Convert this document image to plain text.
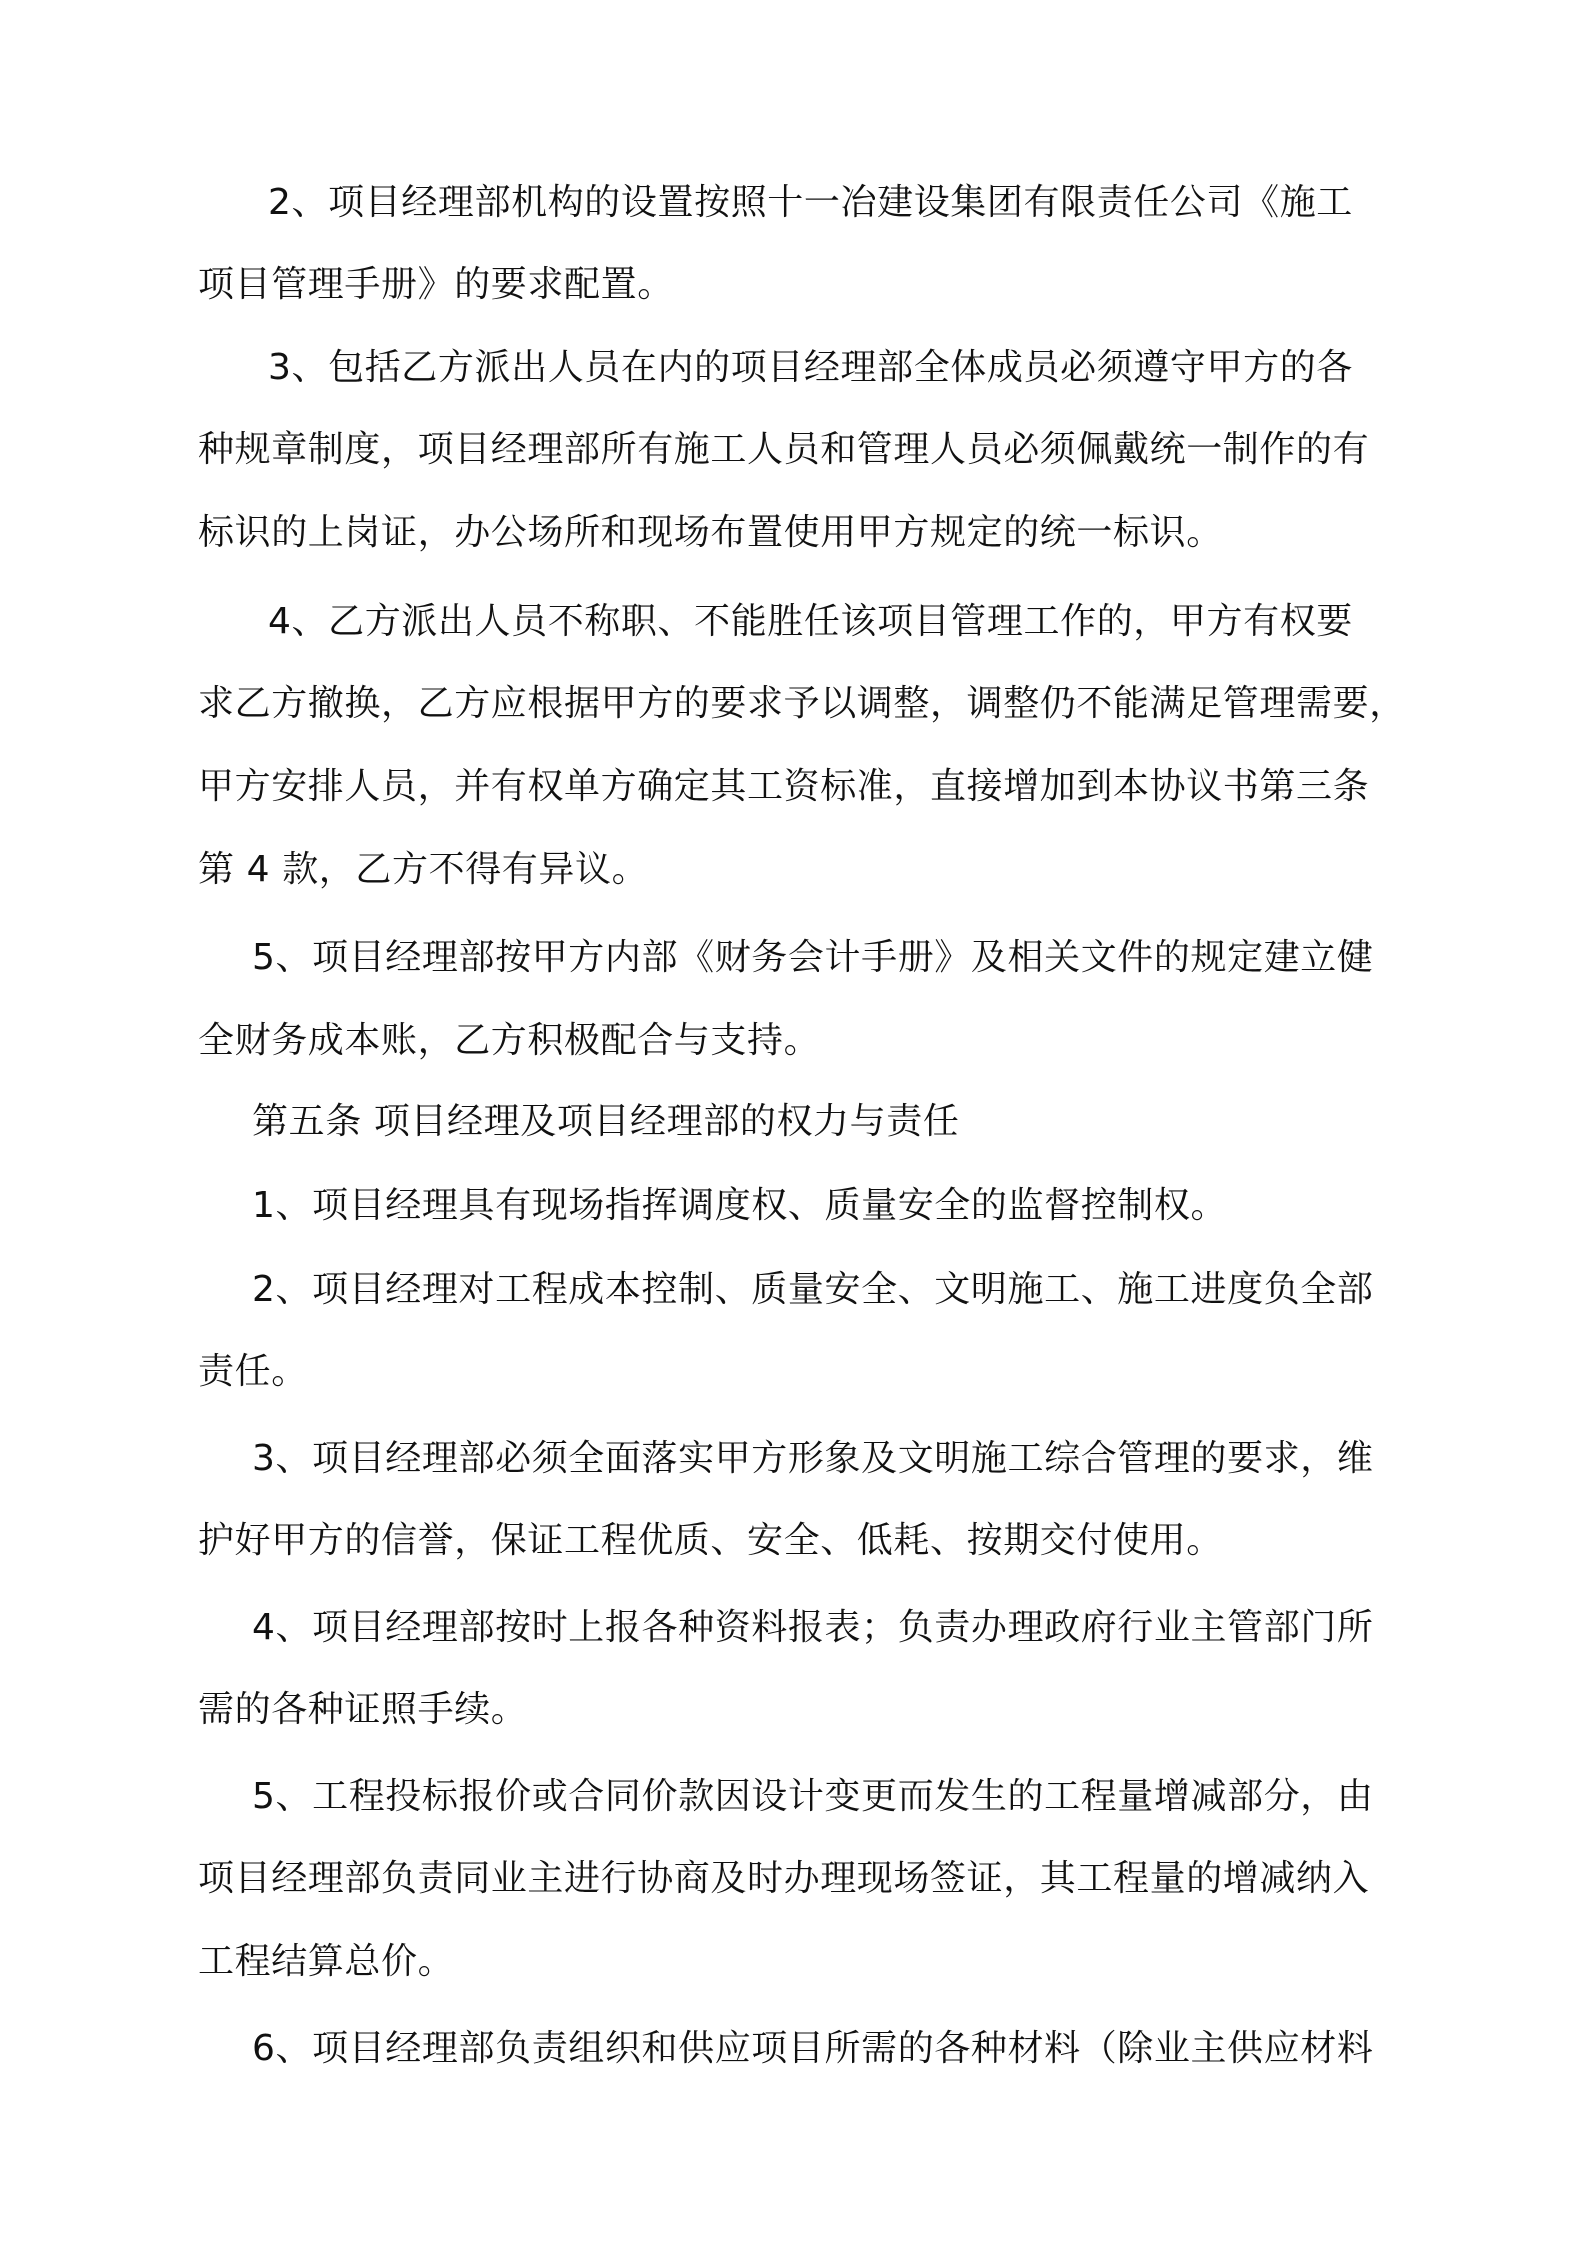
2、项目经理部机构的设置按照十一冶建设集团有限责任公司《施工
项目管理手册》的要求配置。
3、包括乙方派出人员在内的项目经理部全体成员必须遵守甲方的各
种规章制度，项目经理部所有施工人员和管理人员必须佩戴统一制作的有
标识的上岗证，办公场所和现场布置使用甲方规定的统一标识。
4、乙方派出人员不称职、不能胜任该项目管理工作的，甲方有权要
求乙方撤换，乙方应根据甲方的要求予以调整，调整仍不能满足管理需要，
甲方安排人员，并有权单方确定其工资标准，直接增加到本协议书第三条
第 4 款，乙方不得有异议。
5、项目经理部按甲方内部《财务会计手册》及相关文件的规定建立健
全财务成本账，乙方积极配合与支持。
第五条 项目经理及项目经理部的权力与责任
1、项目经理具有现场指挥调度权、质量安全的监督控制权。
2、项目经理对工程成本控制、质量安全、文明施工、施工进度负全部
责任。
3、项目经理部必须全面落实甲方形象及文明施工综合管理的要求，维
护好甲方的信誉，保证工程优质、安全、低耗、按期交付使用。
4、项目经理部按时上报各种资料报表；负责办理政府行业主管部门所
需的各种证照手续。
5、工程投标报价或合同价款因设计变更而发生的工程量增减部分，由
项目经理部负责同业主进行协商及时办理现场签证，其工程量的增减纳入
工程结算总价。
6、项目经理部负责组织和供应项目所需的各种材料（除业主供应材料
